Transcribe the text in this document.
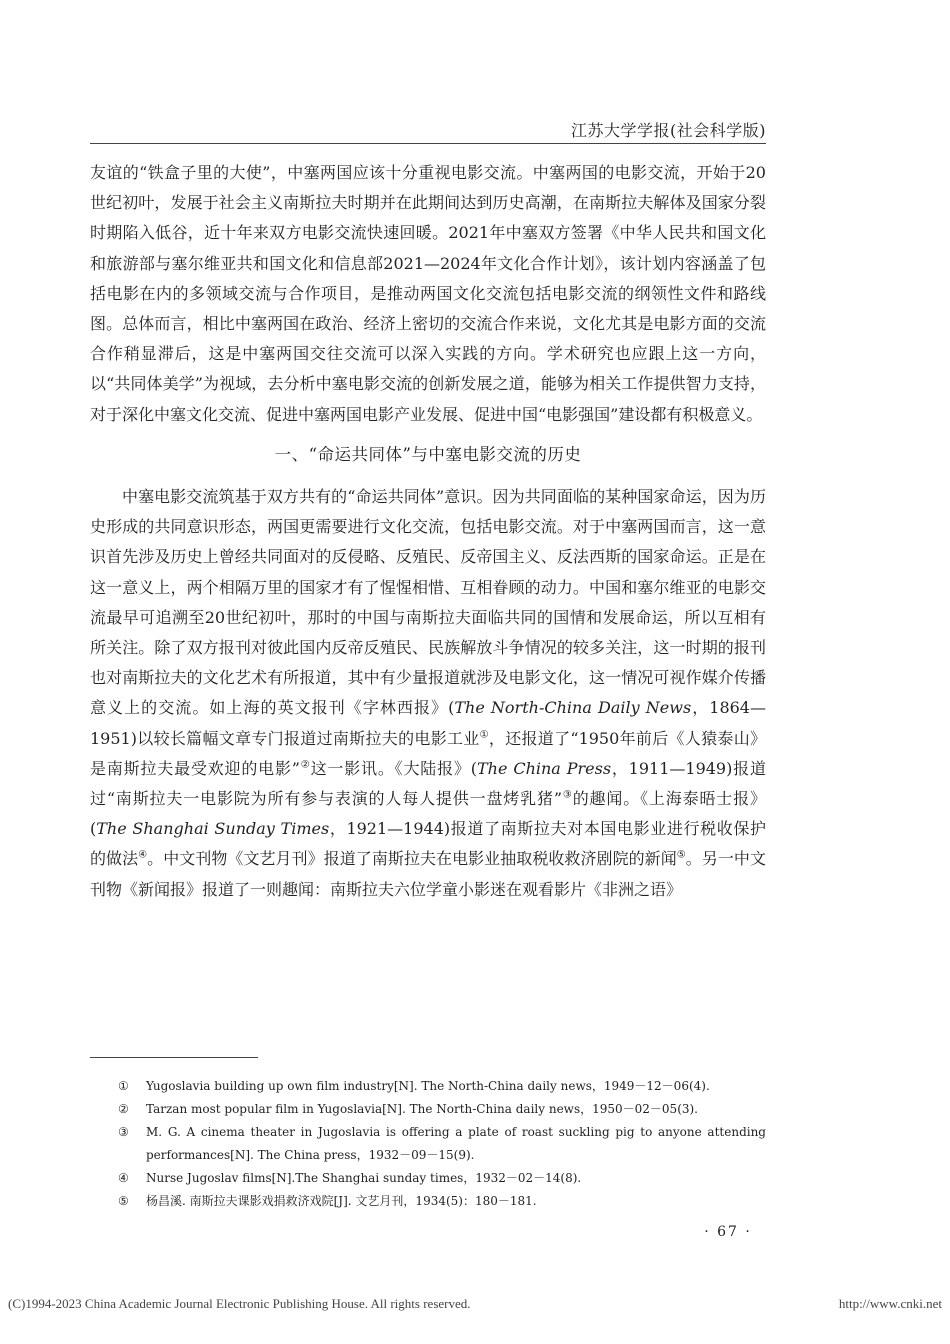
江苏大学学报(社会科学版)

友谊的“铁盒子里的大使”，中塞两国应该十分重视电影交流。中塞两国的电影交流，开始于20世纪初叶，发展于社会主义南斯拉夫时期并在此期间达到历史高潮，在南斯拉夫解体及国家分裂时期陷入低谷，近十年来双方电影交流快速回暖。2021年中塞双方签署《中华人民共和国文化和旅游部与塞尔维亚共和国文化和信息部2021—2024年文化合作计划》，该计划内容涵盖了包括电影在内的多领域交流与合作项目，是推动两国文化交流包括电影交流的纲领性文件和路线图。总体而言，相比中塞两国在政治、经济上密切的交流合作来说，文化尤其是电影方面的交流合作稍显滞后，这是中塞两国交往交流可以深入实践的方向。学术研究也应跟上这一方向，以“共同体美学”为视域，去分析中塞电影交流的创新发展之道，能够为相关工作提供智力支持，对于深化中塞文化交流、促进中塞两国电影产业发展、促进中国“电影强国”建设都有积极意义。

一、“命运共同体”与中塞电影交流的历史

中塞电影交流筑基于双方共有的“命运共同体”意识。因为共同面临的某种国家命运，因为历史形成的共同意识形态，两国更需要进行文化交流，包括电影交流。对于中塞两国而言，这一意识首先涉及历史上曾经共同面对的反侵略、反殖民、反帝国主义、反法西斯的国家命运。正是在这一意义上，两个相隔万里的国家才有了惺惺相惜、互相眷顾的动力。中国和塞尔维亚的电影交流最早可追溯至20世纪初叶，那时的中国与南斯拉夫面临共同的国情和发展命运，所以互相有所关注。除了双方报刊对彼此国内反帝反殖民、民族解放斗争情况的较多关注，这一时期的报刊也对南斯拉夫的文化艺术有所报道，其中有少量报道就涉及电影文化，这一情况可视作媒介传播意义上的交流。如上海的英文报刊《字林西报》(The North-China Daily News，1864—1951)以较长篇幅文章专门报道过南斯拉夫的电影工业①，还报道了“1950年前后《人猿泰山》是南斯拉夫最受欢迎的电影”②这一影讯。《大陆报》(The China Press，1911—1949)报道过“南斯拉夫一电影院为所有参与表演的人每人提供一盘烤乳猪”③的趣闻。《上海泰晤士报》(The Shanghai Sunday Times，1921—1944)报道了南斯拉夫对本国电影业进行税收保护的做法④。中文刊物《文艺月刊》报道了南斯拉夫在电影业抽取税收救济剧院的新闻⑤。另一中文刊物《新闻报》报道了一则趣闻：南斯拉夫六位学童小影迷在观看影片《非洲之语》

①	Yugoslavia building up own film industry[N]. The North-China daily news，1949－12－06(4).
②	Tarzan most popular film in Yugoslavia[N]. The North-China daily news，1950－02－05(3).
③	M. G. A cinema theater in Jugoslavia is offering a plate of roast suckling pig to anyone attending performances[N]. The China press，1932－09－15(9).
④	Nurse Jugoslav films[N].The Shanghai sunday times，1932－02－14(8).
⑤	杨昌溪. 南斯拉夫课影戏捐救济戏院[J]. 文艺月刊，1934(5)：180－181.
· 67 ·
(C)1994-2023 China Academic Journal Electronic Publishing House. All rights reserved.	http://www.cnki.net
